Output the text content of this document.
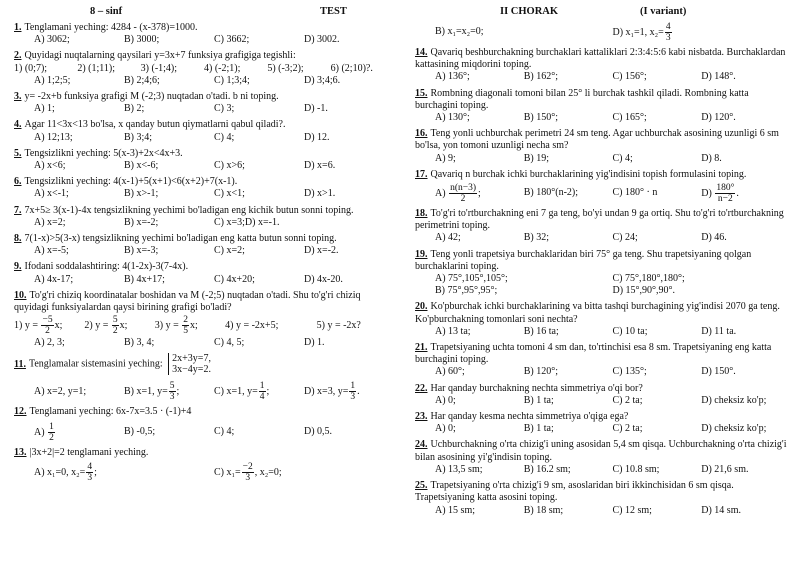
8 – sinf	TEST	II CHORAK	(I variant)
1. Tenglamani yeching: 4284 - (x-378)=1000.
A) 3062;	B) 3000;	C) 3662;	D) 3002.
2. Quyidagi nuqtalarning qaysilari y=3x+7 funksiya grafigiga tegishli:
1) (0;7);	2) (1;11);	3) (-1;4);	4) (-2;1);	5) (-3;2);	6) (2;10)?.
A) 1;2;5;	B) 2;4;6;	C) 1;3;4;	D) 3;4;6.
3. y= -2x+b funksiya grafigi M (-2;3) nuqtadan o'tadi. b ni toping.
A) 1;	B) 2;	C) 3;	D) -1.
4. Agar 11<3x<13 bo'lsa, x qanday butun qiymatlarni qabul qiladi?.
A) 12;13;	B) 3;4;	C) 4;	D) 12.
5. Tengsizlikni yeching: 5(x-3)+2x<4x+3.
A) x<6;	B) x<-6;	C) x>6;	D) x=6.
6. Tengsizlikni yeching: 4(x-1)+5(x+1)<6(x+2)+7(x-1).
A) x<-1;	B) x>-1;	C) x<1;	D) x>1.
7. 7x+5≥ 3(x-1)-4x tengsizlikning yechimi bo'ladigan eng kichik butun sonni toping.
A) x=2;	B) x=-2;	C) x=3;D) x=-1.
8. 7(1-x)>5(3-x) tengsizlikning yechimi bo'ladigan eng katta butun sonni toping.
A) x=-5;	B) x=-3;	C) x=2;	D) x=-2.
9. Ifodani soddalashtiring: 4(1-2x)-3(7-4x).
A) 4x-17;	B) 4x+17;	C) 4x+20;	D) 4x-20.
10. To'g'ri chiziq koordinatalar boshidan va M (-2;5) nuqtadan o'tadi. Shu to'g'ri chiziq quyidagi funksiyalardan qaysi birining grafigi bo'ladi?
1) $y = \frac{-5}{2} x$;	2) $y = \frac{5}{2} x$;	3) $y = \frac{2}{5} x$;	4) y = -2x+5;	5) y = -2x?
A) 2, 3;	B) 3, 4;	C) 4, 5;	D) 1.
11. Tenglamalar sistemasini yeching: 2x+3y=7,
3x−4y=2.
A) x=2, y=1;	B) x=1, $y= \frac{5}{3}$ ;	C) x=1, $y= \frac{1}{4}$ ;	D) x=3, $y= \frac{1}{3}$ .
12. Tenglamani yeching: 6x-7x=3.5 · (-1)+4
$A) \frac{1}{2}$	B) -0,5;	C) 4;	D) 0,5.
13. |3x+2|=2 tenglamani yeching.
A) x₁=0, $x_2= \frac{4}{3}$ ;	C) $x_1= \frac{-2}{3}$ , x₂=0;
B) x₁=x₂=0;	D) x₁=1, $x_2= \frac{4}{3}$
14. Qavariq beshburchakning burchaklari kattaliklari 2:3:4:5:6 kabi nisbatda. Burchaklardan kattasining miqdorini toping.
A) 136°;	B) 162°;	C) 156°;	D) 148°.
15. Rombning diagonali tomoni bilan 25° li burchak tashkil qiladi. Rombning katta burchagini toping.
A) 130°;	B) 150°;	C) 165°;	D) 120°.
16. Teng yonli uchburchak perimetri 24 sm teng. Agar uchburchak asosining uzunligi 6 sm bo'lsa, yon tomoni uzunligi necha sm?
A) 9;	B) 19;	C) 4;	D) 8.
17. Qavariq n burchak ichki burchaklarining yig'indisini topish formulasini toping.
$A) \frac{n(n-3)}{2}$ ;	B) 180°(n-2);	C) 180° · n	$D) \frac{180^\circ}{n-2}$ .
18. To'g'ri to'rtburchakning eni 7 ga teng, bo'yi undan 9 ga ortiq. Shu to'g'ri to'rtburchakning perimetrini toping.
A) 42;	B) 32;	C) 24;	D) 46.
19. Teng yonli trapetsiya burchaklaridan biri 75° ga teng. Shu trapetsiyaning qolgan burchaklarini toping.
A) 75°,105°,105°;	C) 75°,180°,180°;
B) 75°,95°,95°;	D) 15°,90°,90°.
20. Ko'pburchak ichki burchaklarining va bitta tashqi burchagining yig'indisi 2070 ga teng. Ko'pburchakning tomonlari soni nechta?
A) 13 ta;	B) 16 ta;	C) 10 ta;	D) 11 ta.
21. Trapetsiyaning uchta tomoni 4 sm dan, to'rtinchisi esa 8 sm. Trapetsiyaning eng katta burchagini toping.
A) 60°;	B) 120°;	C) 135°;	D) 150°.
22. Har qanday burchakning nechta simmetriya o'qi bor?
A) 0;	B) 1 ta;	C) 2 ta;	D) cheksiz ko'p;
23. Har qanday kesma nechta simmetriya o'qiga ega?
A) 0;	B) 1 ta;	C) 2 ta;	D) cheksiz ko'p;
24. Uchburchakning o'rta chizig'i uning asosidan 5,4 sm qisqa. Uchburchakning o'rta chizig'i bilan asosining yi'g'indisin toping.
A) 13,5 sm;	B) 16.2 sm;	C) 10.8 sm;	D) 21,6 sm.
25. Trapetsiyaning o'rta chizig'i 9 sm, asoslaridan biri ikkinchisidan 6 sm qisqa. Trapetsiyaning katta asosini toping.
A) 15 sm;	B) 18 sm;	C) 12 sm;	D) 14 sm.
